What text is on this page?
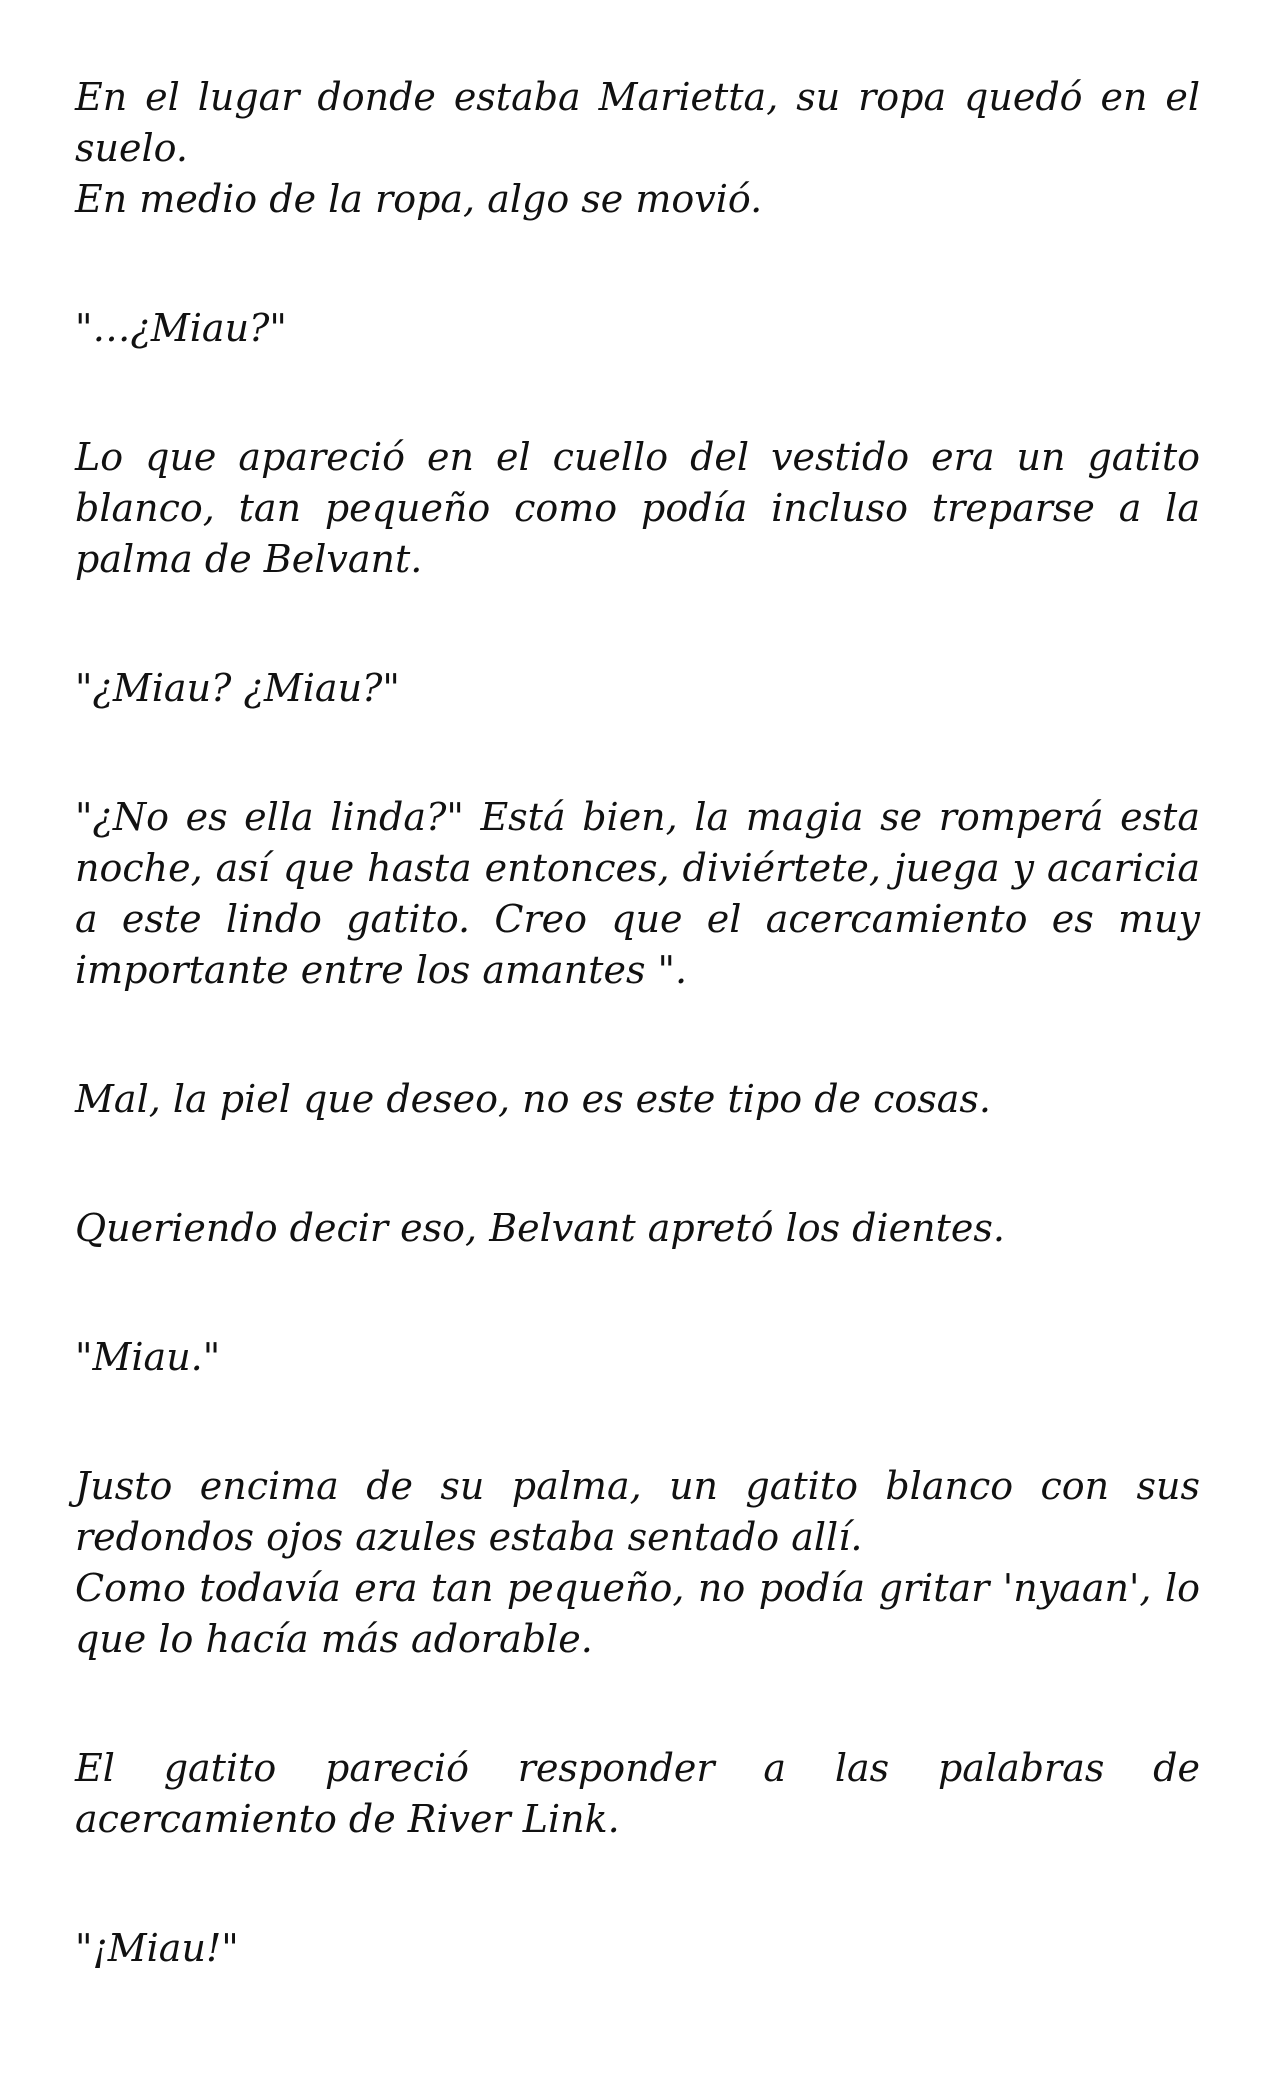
En el lugar donde estaba Marietta, su ropa quedó en el suelo.
En medio de la ropa, algo se movió.
"…¿Miau?"
Lo que apareció en el cuello del vestido era un gatito blanco, tan pequeño como podía incluso treparse a la palma de Belvant.
"¿Miau? ¿Miau?"
"¿No es ella linda?" Está bien, la magia se romperá esta noche, así que hasta entonces, diviértete, juega y acaricia a este lindo gatito. Creo que el acercamiento es muy importante entre los amantes ".
Mal, la piel que deseo, no es este tipo de cosas.
Queriendo decir eso, Belvant apretó los dientes.
"Miau."
Justo encima de su palma, un gatito blanco con sus redondos ojos azules estaba sentado allí.
Como todavía era tan pequeño, no podía gritar 'nyaan', lo que lo hacía más adorable.
El gatito pareció responder a las palabras de acercamiento de River Link.
"¡Miau!"
